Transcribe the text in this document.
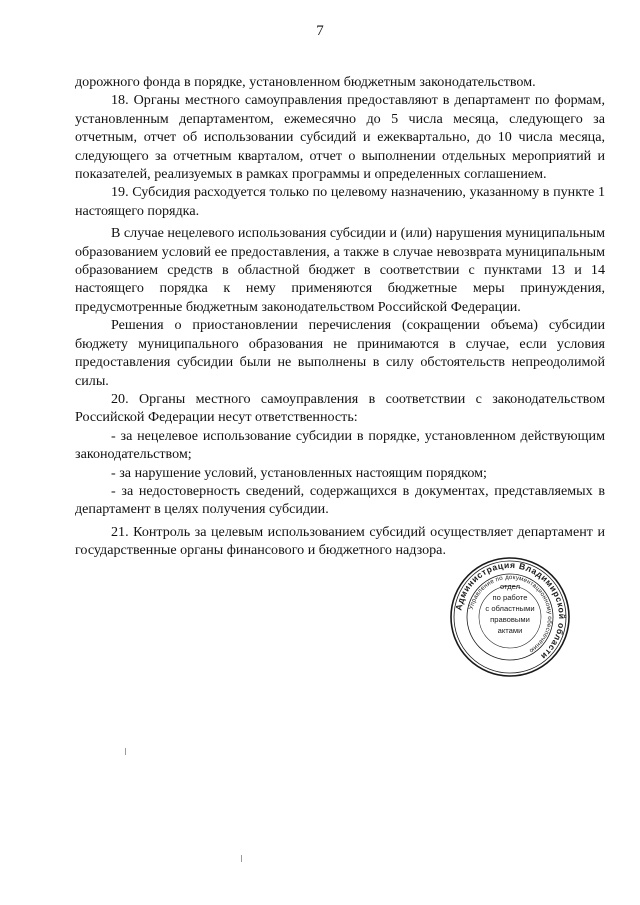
7

дорожного фонда в порядке, установленном бюджетным законодательством.

18. Органы местного самоуправления предоставляют в департамент по формам, установленным департаментом, ежемесячно до 5 числа месяца, следующего за отчетным, отчет об использовании субсидий и ежеквартально, до 10 числа месяца, следующего за отчетным кварталом, отчет о выполнении отдельных мероприятий и показателей, реализуемых в рамках программы и определенных соглашением.

19. Субсидия расходуется только по целевому назначению, указанному в пункте 1 настоящего порядка.

В случае нецелевого использования субсидии и (или) нарушения муниципальным образованием условий ее предоставления, а также в случае невозврата муниципальным образованием средств в областной бюджет в соответствии с пунктами 13 и 14 настоящего порядка к нему применяются бюджетные меры принуждения, предусмотренные бюджетным законодательством Российской Федерации.

Решения о приостановлении перечисления (сокращении объема) субсидии бюджету муниципального образования не принимаются в случае, если условия предоставления субсидии были не выполнены в силу обстоятельств непреодолимой силы.

20. Органы местного самоуправления в соответствии с законодательством Российской Федерации несут ответственность:

- за нецелевое использование субсидии в порядке, установленном действующим законодательством;

- за нарушение условий, установленных настоящим порядком;

- за недостоверность сведений, содержащихся в документах, представляемых в департамент в целях получения субсидии.

21. Контроль за целевым использованием субсидий осуществляет департамент и государственные органы финансового и бюджетного надзора.

Администрация Владимирской области
Управление по документационному обеспечению
отдел
по работе
с областными
правовыми
актами
